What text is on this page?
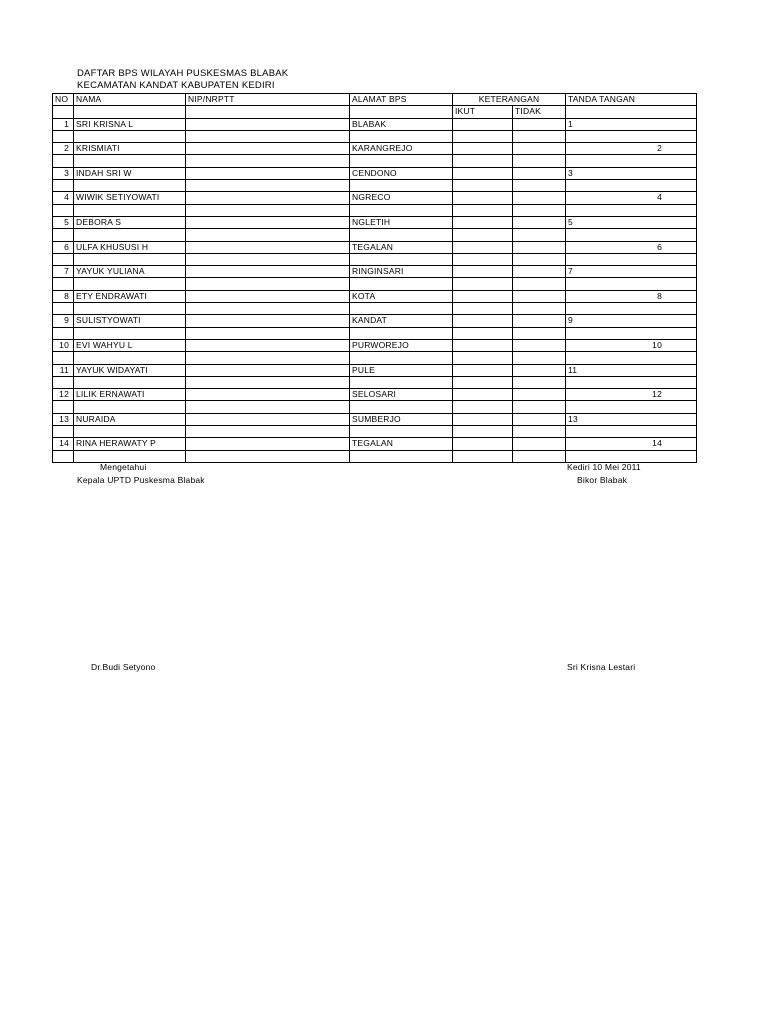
DAFTAR BPS WILAYAH PUSKESMAS BLABAK
KECAMATAN KANDAT KABUPATEN KEDIRI
NO	NAMA	NIP/NRPTT	ALAMAT BPS	KETERANGAN		TANDA TANGAN
				IKUT	TIDAK	
1	SRI KRISNA L		BLABAK			1

2	KRISMIATI		KARANGREJO			2

3	INDAH SRI W		CENDONO			3

4	WIWIK SETIYOWATI		NGRECO			4

5	DEBORA S		NGLETIH			5

6	ULFA KHUSUSI H		TEGALAN			6

7	YAYUK YULIANA		RINGINSARI			7

8	ETY ENDRAWATI		KOTA			8

9	SULISTYOWATI		KANDAT			9

10	EVI WAHYU L		PURWOREJO			10

11	YAYUK WIDAYATI		PULE			11

12	LILIK ERNAWATI		SELOSARI			12

13	NURAIDA		SUMBERJO			13

14	RINA HERAWATY P		TEGALAN			14

Mengetahui
Kepala UPTD Puskesma Blabak
Dr.Budi Setyono
Kediri 10 Mei 2011
Bikor Blabak
Sri Krisna Lestari
